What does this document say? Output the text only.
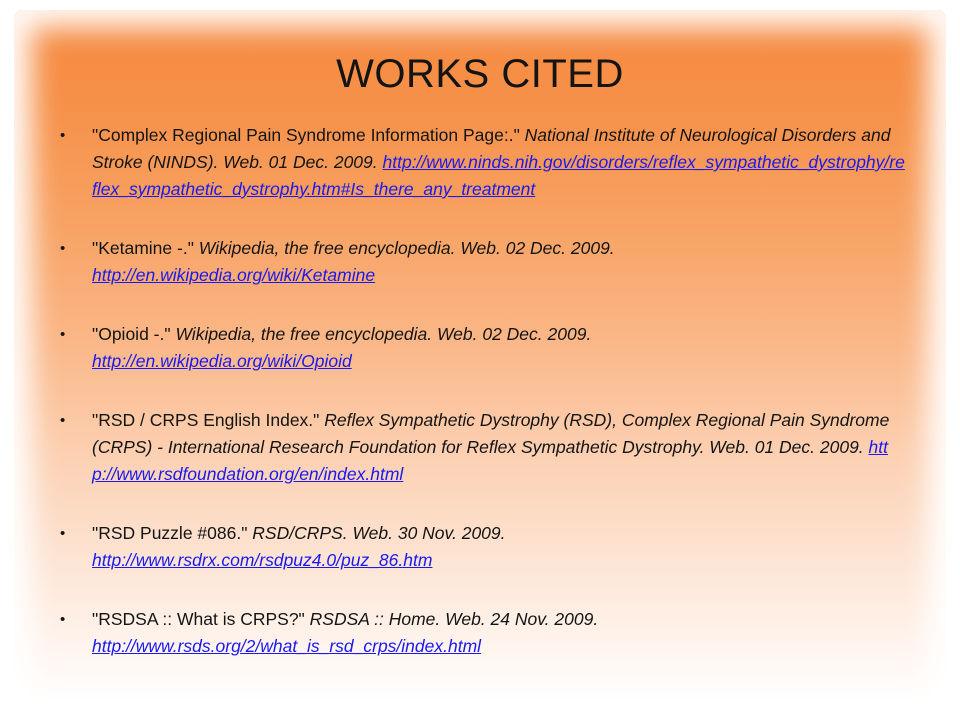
WORKS CITED
• "Complex Regional Pain Syndrome Information Page:." National Institute of Neurological Disorders and Stroke (NINDS). Web. 01 Dec. 2009. http://www.ninds.nih.gov/disorders/reflex_sympathetic_dystrophy/reflex_sympathetic_dystrophy.htm#Is_there_any_treatment
• "Ketamine -." Wikipedia, the free encyclopedia. Web. 02 Dec. 2009.
http://en.wikipedia.org/wiki/Ketamine
• "Opioid -." Wikipedia, the free encyclopedia. Web. 02 Dec. 2009.
http://en.wikipedia.org/wiki/Opioid
• "RSD / CRPS English Index." Reflex Sympathetic Dystrophy (RSD), Complex Regional Pain Syndrome (CRPS) - International Research Foundation for Reflex Sympathetic Dystrophy. Web. 01 Dec. 2009. http://www.rsdfoundation.org/en/index.html
• "RSD Puzzle #086." RSD/CRPS. Web. 30 Nov. 2009.
http://www.rsdrx.com/rsdpuz4.0/puz_86.htm
• "RSDSA :: What is CRPS?" RSDSA :: Home. Web. 24 Nov. 2009.
http://www.rsds.org/2/what_is_rsd_crps/index.html
